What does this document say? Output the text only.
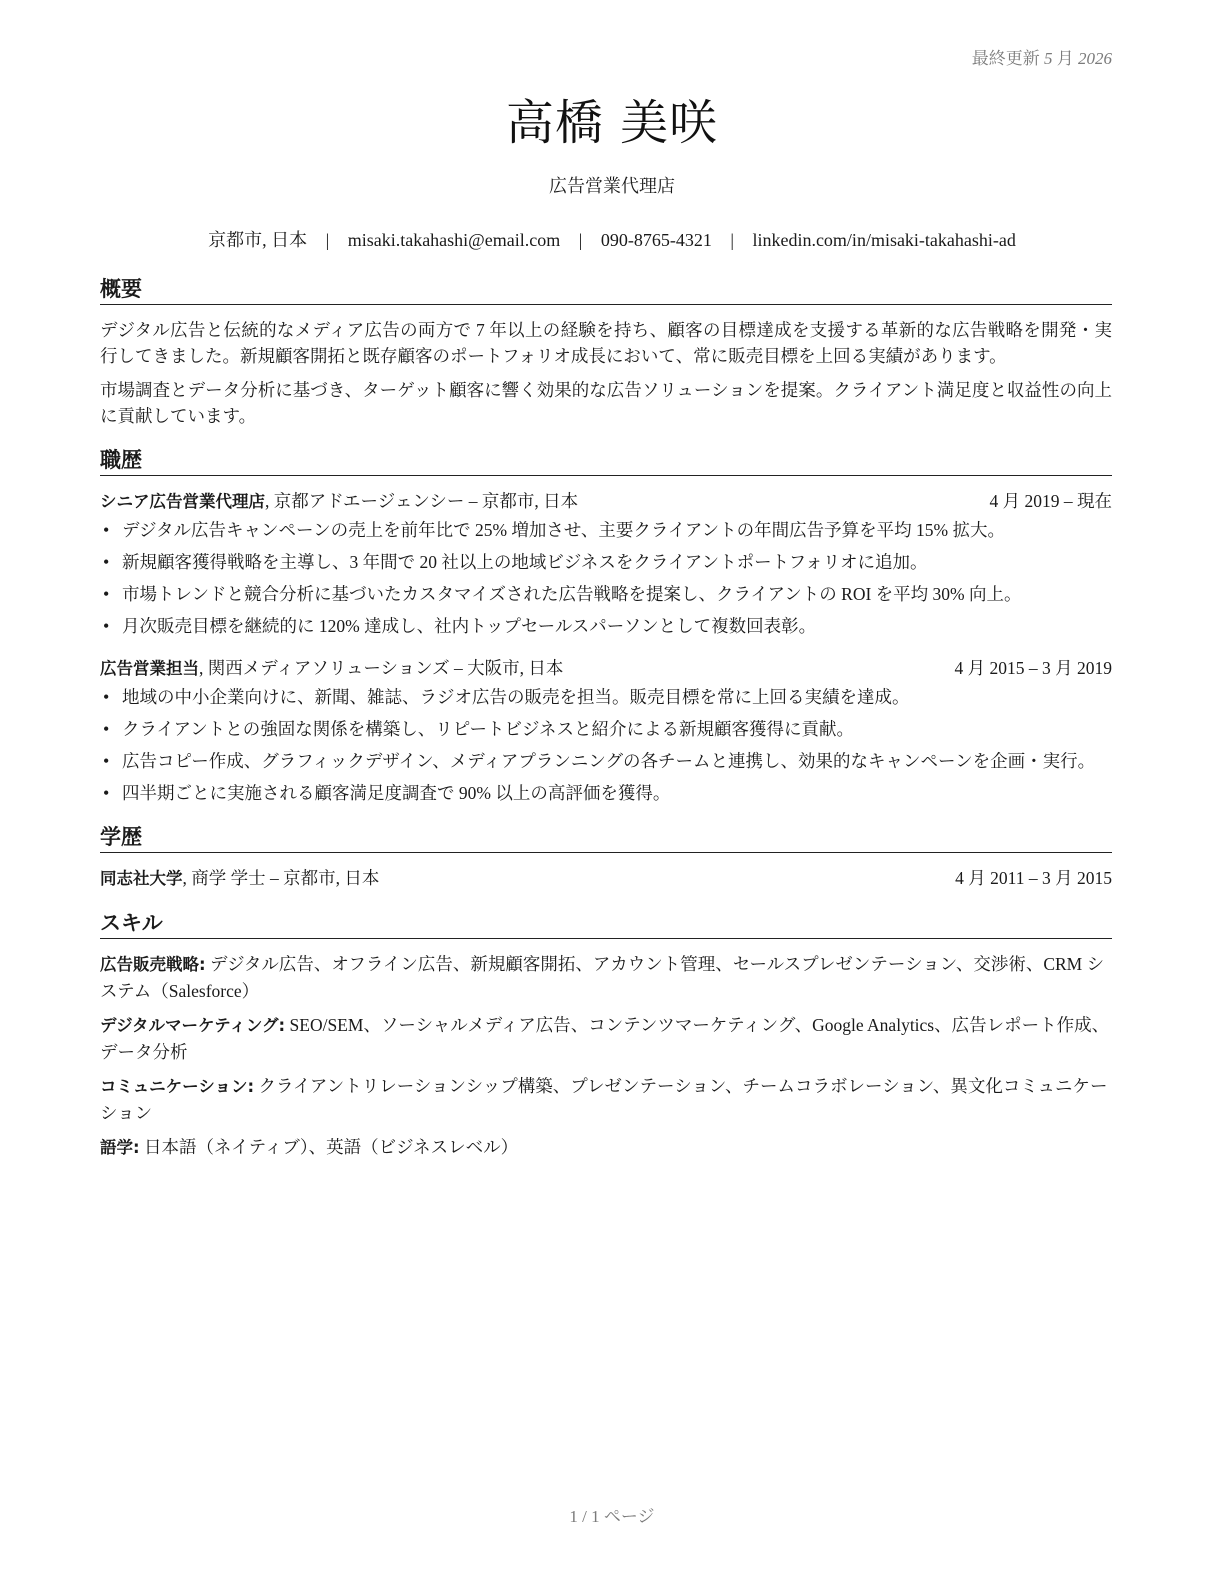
最終更新 5 月 2026
高橋 美咲
広告営業代理店
京都市, 日本 | misaki.takahashi@email.com | 090-8765-4321 | linkedin.com/in/misaki-takahashi-ad
概要

デジタル広告と伝統的なメディア広告の両方で 7 年以上の経験を持ち、顧客の目標達成を支援する革新的な広告戦略を開発・実行してきました。新規顧客開拓と既存顧客のポートフォリオ成長において、常に販売目標を上回る実績があります。

市場調査とデータ分析に基づき、ターゲット顧客に響く効果的な広告ソリューションを提案。クライアント満足度と収益性の向上に貢献しています。

職歴
シニア広告営業代理店, 京都アドエージェンシー – 京都市, 日本	4 月 2019 – 現在
• デジタル広告キャンペーンの売上を前年比で 25% 増加させ、主要クライアントの年間広告予算を平均 15% 拡大。
• 新規顧客獲得戦略を主導し、3 年間で 20 社以上の地域ビジネスをクライアントポートフォリオに追加。
• 市場トレンドと競合分析に基づいたカスタマイズされた広告戦略を提案し、クライアントの ROI を平均 30% 向上。
• 月次販売目標を継続的に 120% 達成し、社内トップセールスパーソンとして複数回表彰。
広告営業担当, 関西メディアソリューションズ – 大阪市, 日本	4 月 2015 – 3 月 2019
• 地域の中小企業向けに、新聞、雑誌、ラジオ広告の販売を担当。販売目標を常に上回る実績を達成。
• クライアントとの強固な関係を構築し、リピートビジネスと紹介による新規顧客獲得に貢献。
• 広告コピー作成、グラフィックデザイン、メディアプランニングの各チームと連携し、効果的なキャンペーンを企画・実行。
• 四半期ごとに実施される顧客満足度調査で 90% 以上の高評価を獲得。
学歴
同志社大学, 商学 学士 – 京都市, 日本	4 月 2011 – 3 月 2015
スキル
広告販売戦略: デジタル広告、オフライン広告、新規顧客開拓、アカウント管理、セールスプレゼンテーション、交渉術、CRM システム（Salesforce）
デジタルマーケティング: SEO/SEM、ソーシャルメディア広告、コンテンツマーケティング、Google Analytics、広告レポート作成、データ分析
コミュニケーション: クライアントリレーションシップ構築、プレゼンテーション、チームコラボレーション、異文化コミュニケーション
語学: 日本語（ネイティブ）、英語（ビジネスレベル）
1 / 1 ページ
